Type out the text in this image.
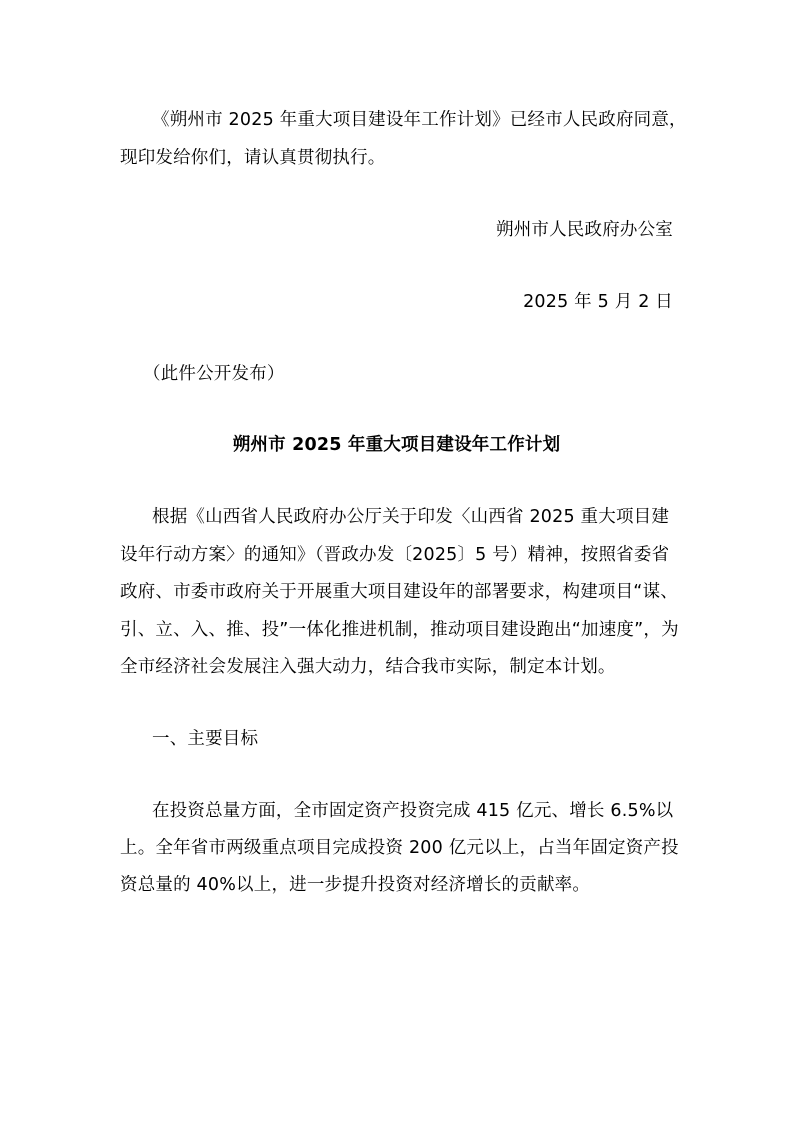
《朔州市 2025 年重大项目建设年工作计划》已经市人民政府同意，
现印发给你们，请认真贯彻执行。
朔州市人民政府办公室
2025 年 5 月 2 日
（此件公开发布）
朔州市 2025 年重大项目建设年工作计划
根据《山西省人民政府办公厅关于印发〈山西省 2025 重大项目建
设年行动方案〉的通知》（晋政办发〔2025〕5 号）精神，按照省委省
政府、市委市政府关于开展重大项目建设年的部署要求，构建项目“谋、
引、立、入、推、投”一体化推进机制，推动项目建设跑出“加速度”，为
全市经济社会发展注入强大动力，结合我市实际，制定本计划。
一、主要目标
在投资总量方面，全市固定资产投资完成 415 亿元、增长 6.5%以
上。全年省市两级重点项目完成投资 200 亿元以上，占当年固定资产投
资总量的 40%以上，进一步提升投资对经济增长的贡献率。
